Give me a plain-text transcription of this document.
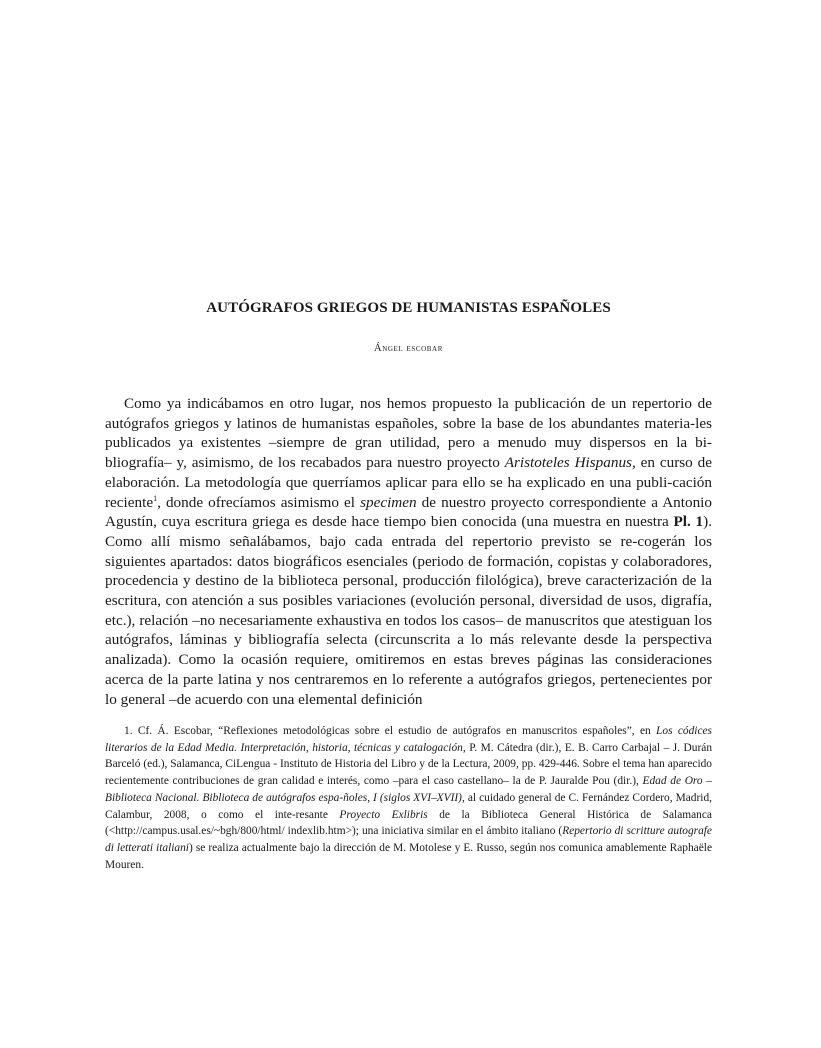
AUTÓGRAFOS GRIEGOS DE HUMANISTAS ESPAÑOLES

Ángel escobar

Como ya indicábamos en otro lugar, nos hemos propuesto la publicación de un repertorio de autógrafos griegos y latinos de humanistas españoles, sobre la base de los abundantes materia-les publicados ya existentes –siempre de gran utilidad, pero a menudo muy dispersos en la bi-bliografía– y, asimismo, de los recabados para nuestro proyecto Aristoteles Hispanus, en curso de elaboración. La metodología que querríamos aplicar para ello se ha explicado en una publi-cación reciente$^1$, donde ofrecíamos asimismo el specimen de nuestro proyecto correspondiente a Antonio Agustín, cuya escritura griega es desde hace tiempo bien conocida (una muestra en nuestra Pl. 1). Como allí mismo señalábamos, bajo cada entrada del repertorio previsto se re-cogerán los siguientes apartados: datos biográficos esenciales (periodo de formación, copistas y colaboradores, procedencia y destino de la biblioteca personal, producción filológica), breve caracterización de la escritura, con atención a sus posibles variaciones (evolución personal, diversidad de usos, digrafía, etc.), relación –no necesariamente exhaustiva en todos los casos– de manuscritos que atestiguan los autógrafos, láminas y bibliografía selecta (circunscrita a lo más relevante desde la perspectiva analizada). Como la ocasión requiere, omitiremos en estas breves páginas las consideraciones acerca de la parte latina y nos centraremos en lo referente a autógrafos griegos, pertenecientes por lo general –de acuerdo con una elemental definición

1. Cf. Á. Escobar, “Reflexiones metodológicas sobre el estudio de autógrafos en manuscritos españoles”, en Los códices literarios de la Edad Media. Interpretación, historia, técnicas y catalogación, P. M. Cátedra (dir.), E. B. Carro Carbajal – J. Durán Barceló (ed.), Salamanca, CiLengua - Instituto de Historia del Libro y de la Lectura, 2009, pp. 429-446. Sobre el tema han aparecido recientemente contribuciones de gran calidad e interés, como –para el caso castellano– la de P. Jauralde Pou (dir.), Edad de Oro – Biblioteca Nacional. Biblioteca de autógrafos espa-ñoles, I (siglos XVI–XVII), al cuidado general de C. Fernández Cordero, Madrid, Calambur, 2008, o como el inte-resante Proyecto Exlibris de la Biblioteca General Histórica de Salamanca (<http://campus.usal.es/~bgh/800/html/ indexlib.htm>); una iniciativa similar en el ámbito italiano (Repertorio di scritture autografe di letterati italiani) se realiza actualmente bajo la dirección de M. Motolese y E. Russo, según nos comunica amablemente Raphaële Mouren.
